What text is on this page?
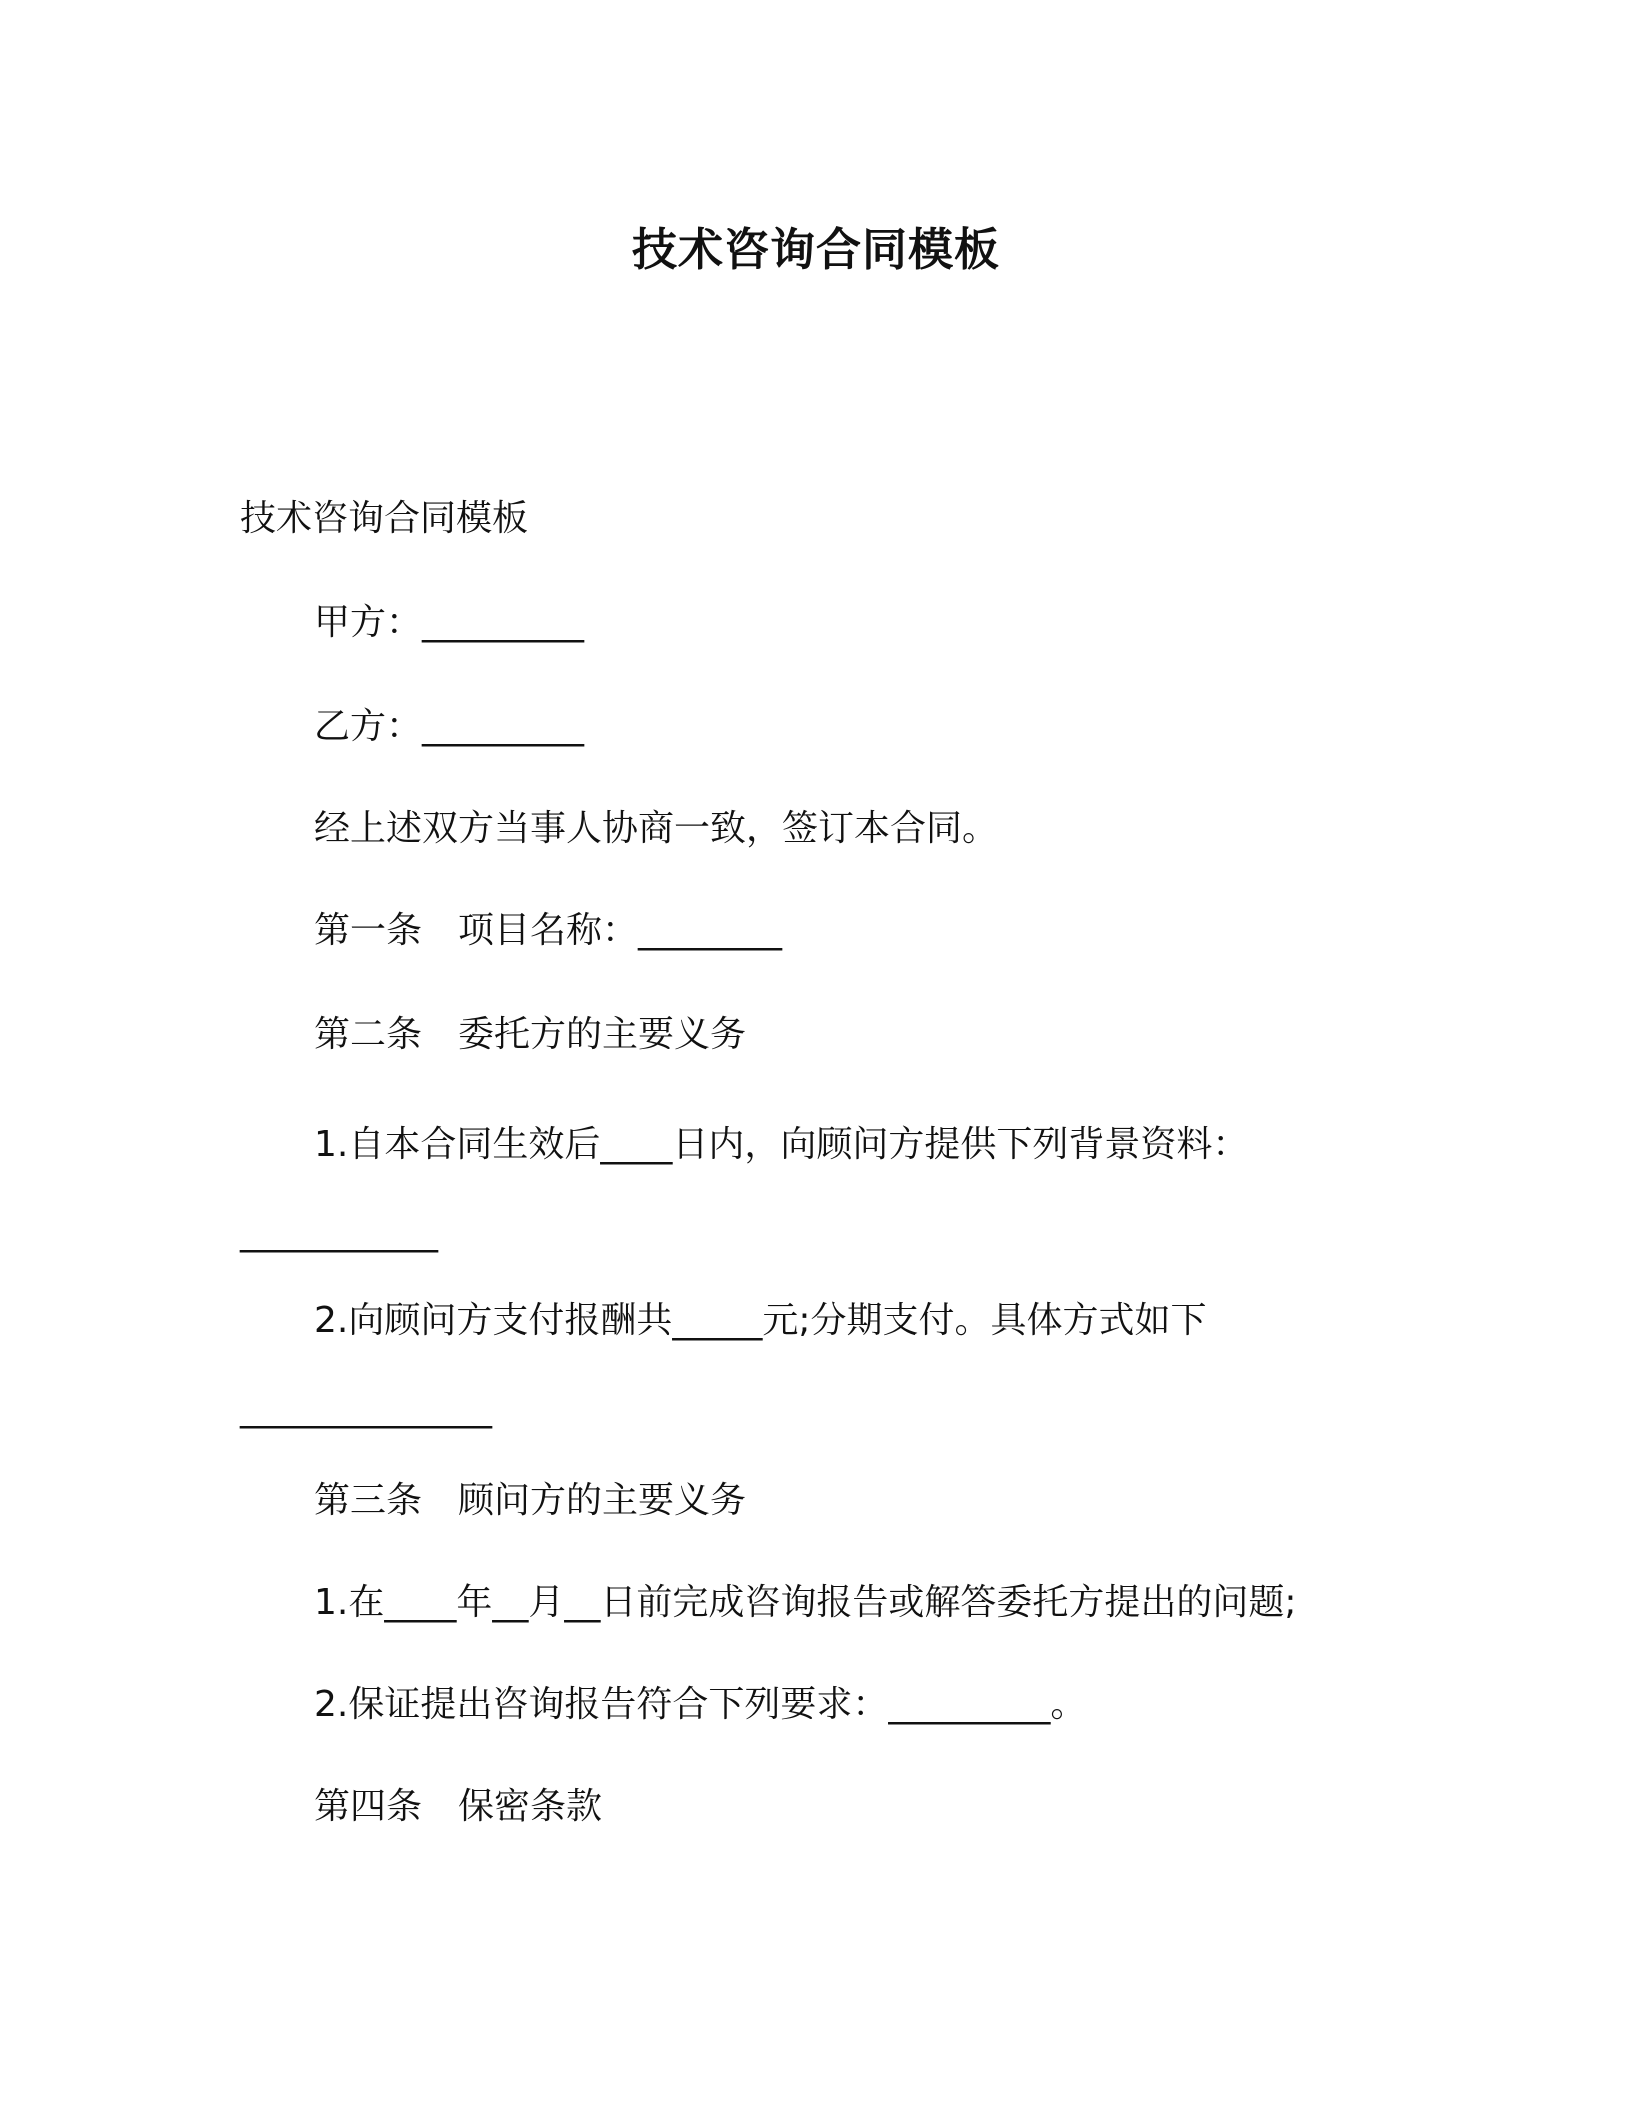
技术咨询合同模板
技术咨询合同模板
甲方：_________
乙方：_________
经上述双方当事人协商一致，签订本合同。
第一条　项目名称：________
第二条　委托方的主要义务
1.自本合同生效后____日内，向顾问方提供下列背景资料：
___________
2.向顾问方支付报酬共_____元;分期支付。具体方式如下
______________
第三条　顾问方的主要义务
1.在____年__月__日前完成咨询报告或解答委托方提出的问题;
2.保证提出咨询报告符合下列要求：_________。
第四条　保密条款
